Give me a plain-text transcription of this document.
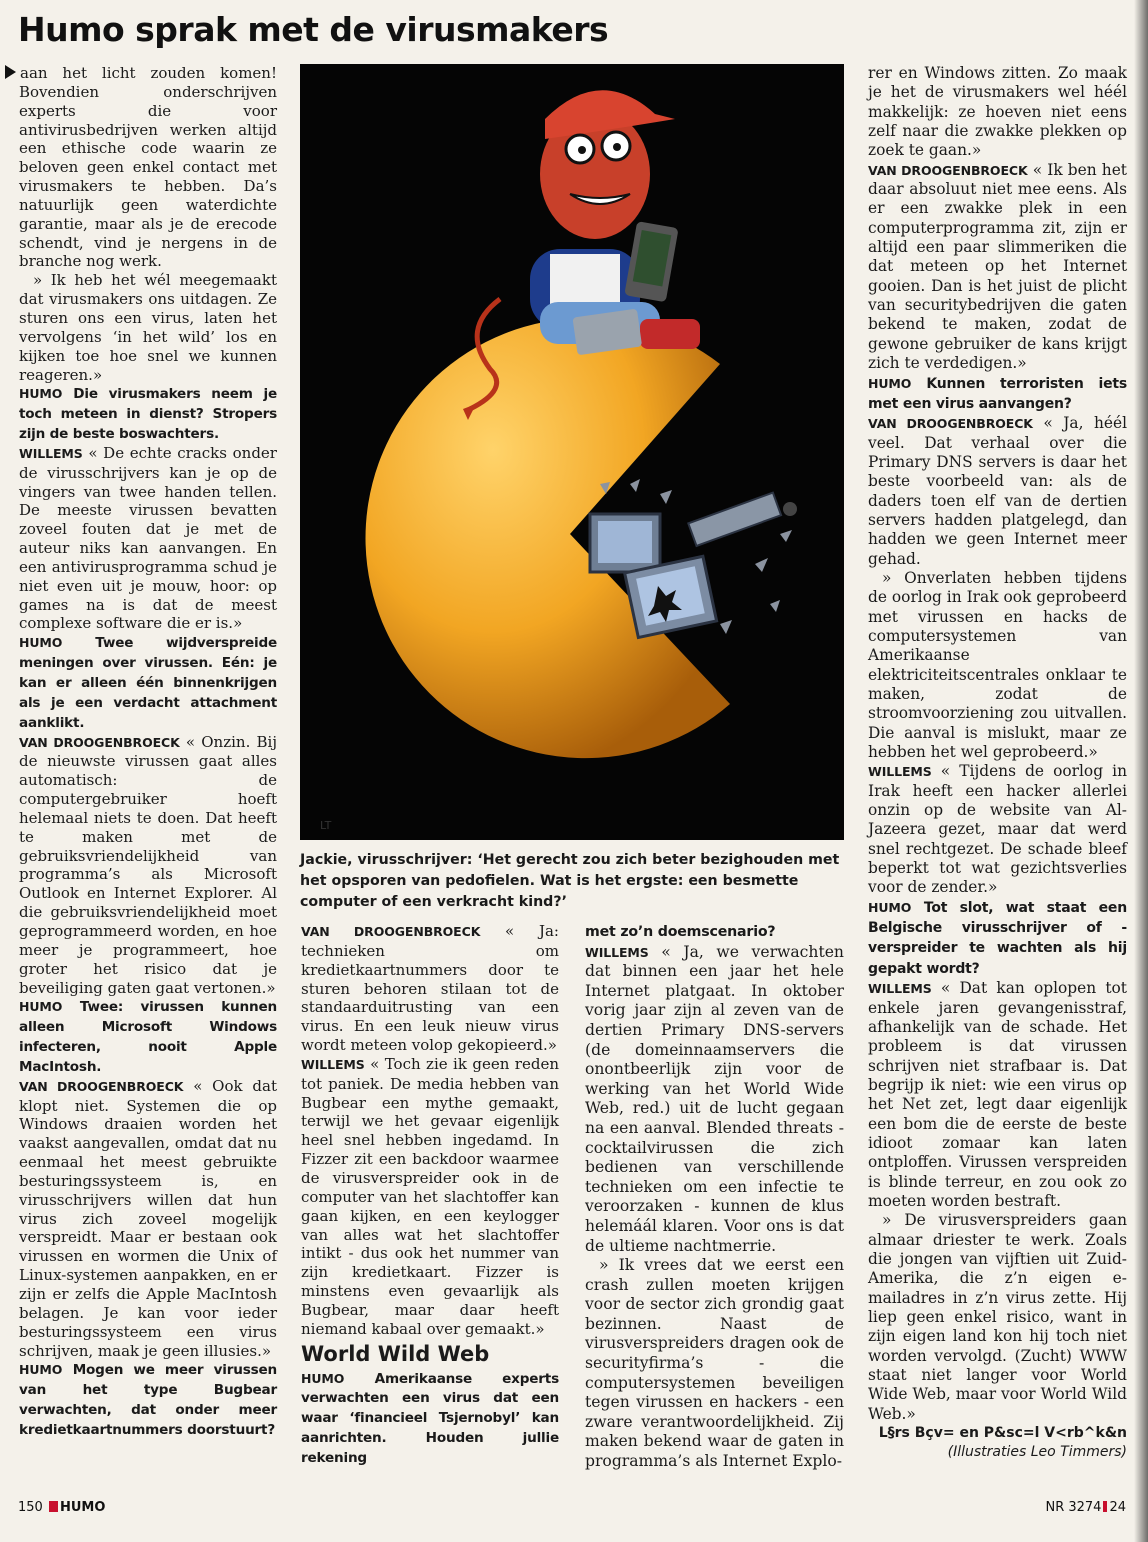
Humo sprak met de virusmakers

aan het licht zouden komen! Bovendien onderschrijven experts die voor antivirusbedrijven werken altijd een ethische code waarin ze beloven geen enkel contact met virusmakers te hebben. Da’s natuurlijk geen waterdichte garantie, maar als je de erecode schendt, vind je nergens in de branche nog werk.

» Ik heb het wél meegemaakt dat virusmakers ons uitdagen. Ze sturen ons een virus, laten het vervolgens ‘in het wild’ los en kijken toe hoe snel we kunnen reageren.»

HUMO Die virusmakers neem je toch meteen in dienst? Stropers zijn de beste boswachters.

WILLEMS « De echte cracks onder de virusschrijvers kan je op de vingers van twee handen tellen. De meeste virussen bevatten zoveel fouten dat je met de auteur niks kan aanvangen. En een antivirusprogramma schud je niet even uit je mouw, hoor: op games na is dat de meest complexe software die er is.»

HUMO Twee wijdverspreide meningen over virussen. Eén: je kan er alleen één binnenkrijgen als je een verdacht attachment aanklikt.

VAN DROOGENBROECK « Onzin. Bij de nieuwste virussen gaat alles automatisch: de computergebruiker hoeft helemaal niets te doen. Dat heeft te maken met de gebruiksvriendelijkheid van programma’s als Microsoft Outlook en Internet Explorer. Al die gebruiksvriendelijkheid moet geprogrammeerd worden, en hoe meer je programmeert, hoe groter het risico dat je beveiliging gaten gaat vertonen.»

HUMO Twee: virussen kunnen alleen Microsoft Windows infecteren, nooit Apple MacIntosh.

VAN DROOGENBROECK « Ook dat klopt niet. Systemen die op Windows draaien worden het vaakst aangevallen, omdat dat nu eenmaal het meest gebruikte besturingssysteem is, en virusschrijvers willen dat hun virus zich zoveel mogelijk verspreidt. Maar er bestaan ook virussen en wormen die Unix of Linux-systemen aanpakken, en er zijn er zelfs die Apple MacIntosh belagen. Je kan voor ieder besturingssysteem een virus schrijven, maak je geen illusies.»

HUMO Mogen we meer virussen van het type Bugbear verwachten, dat onder meer kredietkaartnummers doorstuurt?

LT
Jackie, virusschrijver: ‘Het gerecht zou zich beter bezighouden met het opsporen van pedofielen. Wat is het ergste: een besmette computer of een verkracht kind?’

VAN DROOGENBROECK « Ja: technieken om kredietkaartnummers door te sturen behoren stilaan tot de standaarduitrusting van een virus. En een leuk nieuw virus wordt meteen volop gekopieerd.»

WILLEMS « Toch zie ik geen reden tot paniek. De media hebben van Bugbear een mythe gemaakt, terwijl we het gevaar eigenlijk heel snel hebben ingedamd. In Fizzer zit een backdoor waarmee de virusverspreider ook in de computer van het slachtoffer kan gaan kijken, en een keylogger van alles wat het slachtoffer intikt - dus ook het nummer van zijn kredietkaart. Fizzer is minstens even gevaarlijk als Bugbear, maar daar heeft niemand kabaal over gemaakt.»

World Wild Web

HUMO Amerikaanse experts verwachten een virus dat een waar ‘financieel Tsjernobyl’ kan aanrichten. Houden jullie rekening

met zo’n doemscenario?

WILLEMS « Ja, we verwachten dat binnen een jaar het hele Internet platgaat. In oktober vorig jaar zijn al zeven van de dertien Primary DNS-servers (de domeinnaamservers die onontbeerlijk zijn voor de werking van het World Wide Web, red.) uit de lucht gegaan na een aanval. Blended threats - cocktailvirussen die zich bedienen van verschillende technieken om een infectie te veroorzaken - kunnen de klus helemáál klaren. Voor ons is dat de ultieme nachtmerrie.

» Ik vrees dat we eerst een crash zullen moeten krijgen voor de sector zich grondig gaat bezinnen. Naast de virusverspreiders dragen ook de securityfirma’s - die computersystemen beveiligen tegen virussen en hackers - een zware verantwoordelijkheid. Zij maken bekend waar de gaten in programma’s als Internet Explo-

rer en Windows zitten. Zo maak je het de virusmakers wel héél makkelijk: ze hoeven niet eens zelf naar die zwakke plekken op zoek te gaan.»

VAN DROOGENBROECK « Ik ben het daar absoluut niet mee eens. Als er een zwakke plek in een computerprogramma zit, zijn er altijd een paar slimmeriken die dat meteen op het Internet gooien. Dan is het juist de plicht van securitybedrijven die gaten bekend te maken, zodat de gewone gebruiker de kans krijgt zich te verdedigen.»

HUMO Kunnen terroristen iets met een virus aanvangen?

VAN DROOGENBROECK « Ja, héél veel. Dat verhaal over die Primary DNS servers is daar het beste voorbeeld van: als de daders toen elf van de dertien servers hadden platgelegd, dan hadden we geen Internet meer gehad.

» Onverlaten hebben tijdens de oorlog in Irak ook geprobeerd met virussen en hacks de computersystemen van Amerikaanse elektriciteitscentrales onklaar te maken, zodat de stroomvoorziening zou uitvallen. Die aanval is mislukt, maar ze hebben het wel geprobeerd.»

WILLEMS « Tijdens de oorlog in Irak heeft een hacker allerlei onzin op de website van Al-Jazeera gezet, maar dat werd snel rechtgezet. De schade bleef beperkt tot wat gezichtsverlies voor de zender.»

HUMO Tot slot, wat staat een Belgische virusschrijver of -verspreider te wachten als hij gepakt wordt?

WILLEMS « Dat kan oplopen tot enkele jaren gevangenisstraf, afhankelijk van de schade. Het probleem is dat virussen schrijven niet strafbaar is. Dat begrijp ik niet: wie een virus op het Net zet, legt daar eigenlijk een bom die de eerste de beste idioot zomaar kan laten ontploffen. Virussen verspreiden is blinde terreur, en zou ook zo moeten worden bestraft.

» De virusverspreiders gaan almaar driester te werk. Zoals die jongen van vijftien uit Zuid-Amerika, die z’n eigen e-mailadres in z’n virus zette. Hij liep geen enkel risico, want in zijn eigen land kon hij toch niet worden vervolgd. (Zucht) WWW staat niet langer voor World Wide Web, maar voor World Wild Web.»

L§rs Bçv= en P&sc=l V<rb^k&n

(Illustraties Leo Timmers)

150 HUMO	NR 3274 24
